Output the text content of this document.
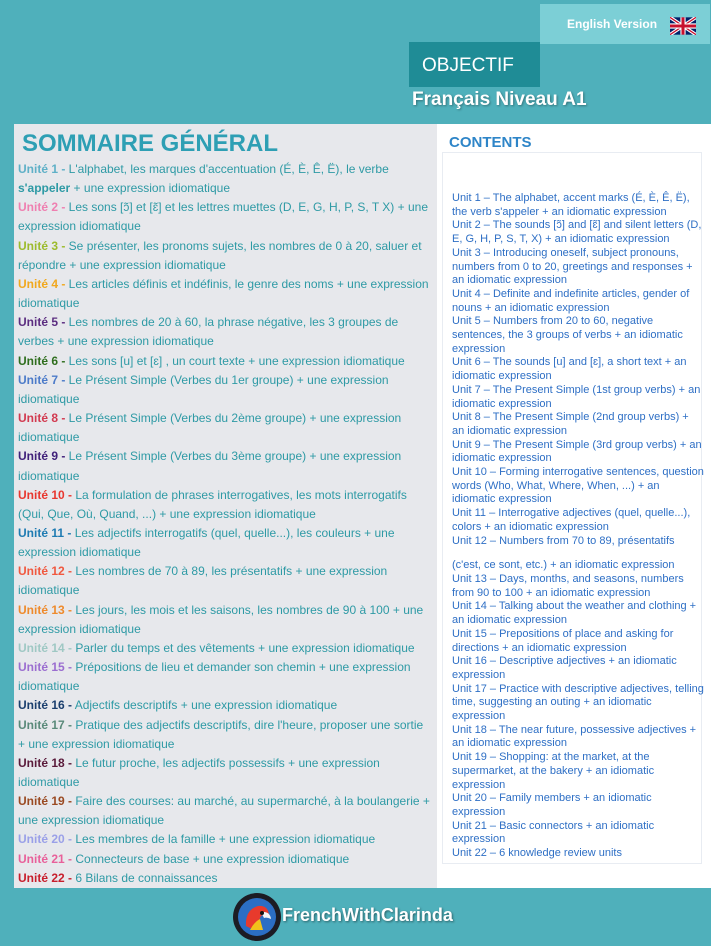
English Version
OBJECTIF
Français Niveau A1
SOMMAIRE GÉNÉRAL
Unité 1 - L'alphabet, les marques d'accentuation (É, È, Ê, Ë), le verbe s'appeler + une expression idiomatique
Unité 2 - Les sons [ɔ̃] et [ɛ̃] et les lettres muettes (D, E, G, H, P, S, T X) + une expression idiomatique
Unité 3 - Se présenter, les pronoms sujets, les nombres de 0 à 20, saluer et répondre + une expression idiomatique
Unité 4 - Les articles définis et indéfinis, le genre des noms + une expression idiomatique
Unité 5 - Les nombres de 20 à 60, la phrase négative, les 3 groupes de verbes + une expression idiomatique
Unité 6 - Les sons [u] et [ɛ] , un court texte + une expression idiomatique
Unité 7 - Le Présent Simple (Verbes du 1er groupe) + une expression idiomatique
Unité 8 - Le Présent Simple (Verbes du 2ème groupe) + une expression idiomatique
Unité 9 - Le Présent Simple (Verbes du 3ème groupe) + une expression idiomatique
Unité 10 - La formulation de phrases interrogatives, les mots interrogatifs (Qui, Que, Où, Quand, ...) + une expression idiomatique
Unité 11 - Les adjectifs interrogatifs (quel, quelle...), les couleurs + une expression idiomatique
Unité 12 - Les nombres de 70 à 89, les présentatifs + une expression idiomatique
Unité 13 - Les jours, les mois et les saisons, les nombres de 90 à 100 + une expression idiomatique
Unité 14 - Parler du temps et des vêtements + une expression idiomatique
Unité 15 - Prépositions de lieu et demander son chemin + une expression idiomatique
Unité 16 - Adjectifs descriptifs + une expression idiomatique
Unité 17 - Pratique des adjectifs descriptifs, dire l'heure, proposer une sortie + une expression idiomatique
Unité 18 - Le futur proche, les adjectifs possessifs + une expression idiomatique
Unité 19 - Faire des courses: au marché, au supermarché, à la boulangerie + une expression idiomatique
Unité 20 - Les membres de la famille + une expression idiomatique
Unité 21 - Connecteurs de base + une expression idiomatique
Unité 22 - 6 Bilans de connaissances
CONTENTS
Unit 1 – The alphabet, accent marks (É, È, Ê, Ë), the verb s'appeler + an idiomatic expression
Unit 2 – The sounds [ɔ̃] and [ɛ̃] and silent letters (D, E, G, H, P, S, T, X) + an idiomatic expression
Unit 3 – Introducing oneself, subject pronouns, numbers from 0 to 20, greetings and responses + an idiomatic expression
Unit 4 – Definite and indefinite articles, gender of nouns + an idiomatic expression
Unit 5 – Numbers from 20 to 60, negative sentences, the 3 groups of verbs + an idiomatic expression
Unit 6 – The sounds [u] and [ɛ], a short text + an idiomatic expression
Unit 7 – The Present Simple (1st group verbs) + an idiomatic expression
Unit 8 – The Present Simple (2nd group verbs) + an idiomatic expression
Unit 9 – The Present Simple (3rd group verbs) + an idiomatic expression
Unit 10 – Forming interrogative sentences, question words (Who, What, Where, When, ...) + an idiomatic expression
Unit 11 – Interrogative adjectives (quel, quelle...), colors + an idiomatic expression
Unit 12 – Numbers from 70 to 89, présentatifs
(c'est, ce sont, etc.) + an idiomatic expression
Unit 13 – Days, months, and seasons, numbers from 90 to 100 + an idiomatic expression
Unit 14 – Talking about the weather and clothing + an idiomatic expression
Unit 15 – Prepositions of place and asking for directions + an idiomatic expression
Unit 16 – Descriptive adjectives + an idiomatic expression
Unit 17 – Practice with descriptive adjectives, telling time, suggesting an outing + an idiomatic expression
Unit 18 – The near future, possessive adjectives + an idiomatic expression
Unit 19 – Shopping: at the market, at the supermarket, at the bakery + an idiomatic expression
Unit 20 – Family members + an idiomatic expression
Unit 21 – Basic connectors + an idiomatic expression
Unit 22 – 6 knowledge review units
FrenchWithClarinda
